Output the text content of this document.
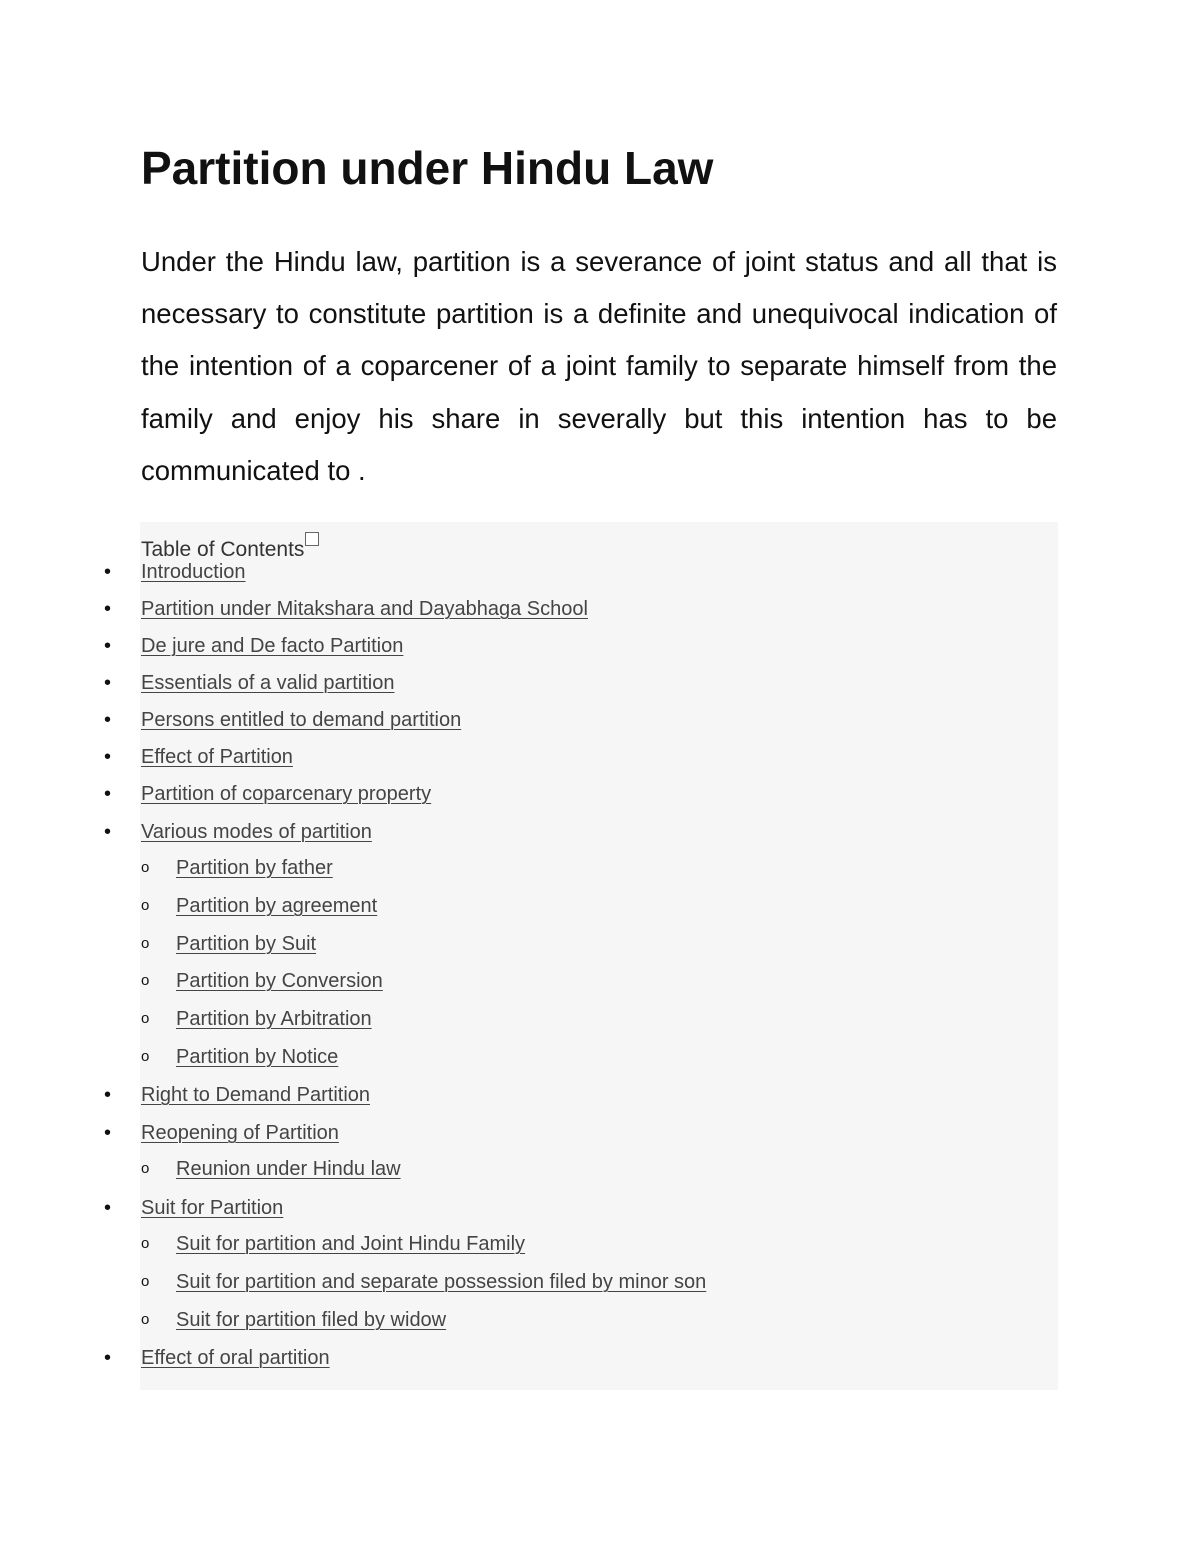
Partition under Hindu Law

Under the Hindu law, partition is a severance of joint status and all that is necessary to constitute partition is a definite and unequivocal indication of the intention of a coparcener of a joint family to separate himself from the family and enjoy his share in severally but this intention has to be communicated to .

Table of Contents
• Introduction
• Partition under Mitakshara and Dayabhaga School
• De jure and De facto Partition
• Essentials of a valid partition
• Persons entitled to demand partition
• Effect of Partition
• Partition of coparcenary property
• Various modes of partition
o Partition by father
o Partition by agreement
o Partition by Suit
o Partition by Conversion
o Partition by Arbitration
o Partition by Notice
• Right to Demand Partition
• Reopening of Partition
o Reunion under Hindu law
• Suit for Partition
o Suit for partition and Joint Hindu Family
o Suit for partition and separate possession filed by minor son
o Suit for partition filed by widow
• Effect of oral partition
